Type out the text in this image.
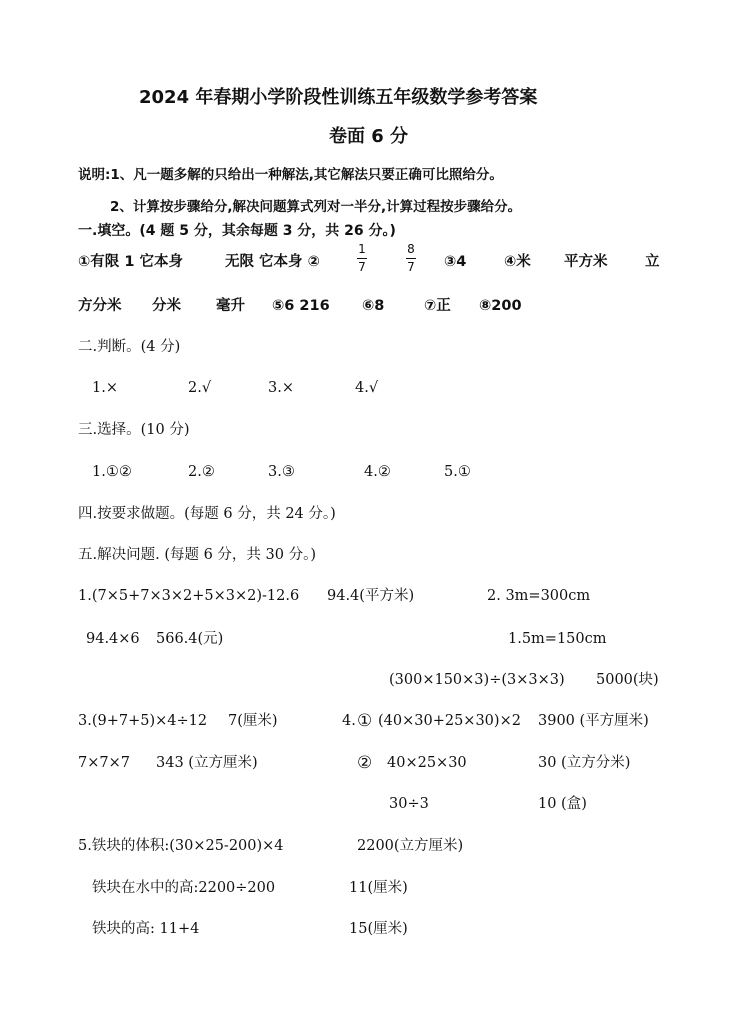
2024 年春期小学阶段性训练五年级数学参考答案
卷面 6 分
说明:1、凡一题多解的只给出一种解法,其它解法只要正确可比照给分。
2、计算按步骤给分,解决问题算式列对一半分,计算过程按步骤给分。
一.填空。(4 题 5 分，其余每题 3 分，共 26 分。)
①有限 1 它本身	无限 它本身 ②
1
7
8
7 ③4	④米 平方米	立
方分米 分米 毫升 ⑤6 216 ⑥8	⑦正 ⑧200
二.判断。(4 分)
1.×	2.√	3.×	4.√
三.选择。(10 分)
1.①②	2.②	3.③	4.②	5.①
四.按要求做题。(每题 6 分，共 24 分。)
五.解决问题. (每题 6 分，共 30 分。)
1.(7×5+7×3×2+5×3×2)-12.6 94.4(平方米)	2. 3m=300cm
94.4×6 566.4(元)	1.5m=150cm
(300×150×3)÷(3×3×3) 5000(块)
3.(9+7+5)×4÷12 7(厘米)	4. ① (40×30+25×30)×2 3900 (平方厘米)
7×7×7 343 (立方厘米)	② 40×25×30	30 (立方分米)
30÷3	10 (盒)
5.铁块的体积:(30×25-200)×4	2200(立方厘米)
铁块在水中的高:2200÷200	11(厘米)
铁块的高: 11+4	15(厘米)
